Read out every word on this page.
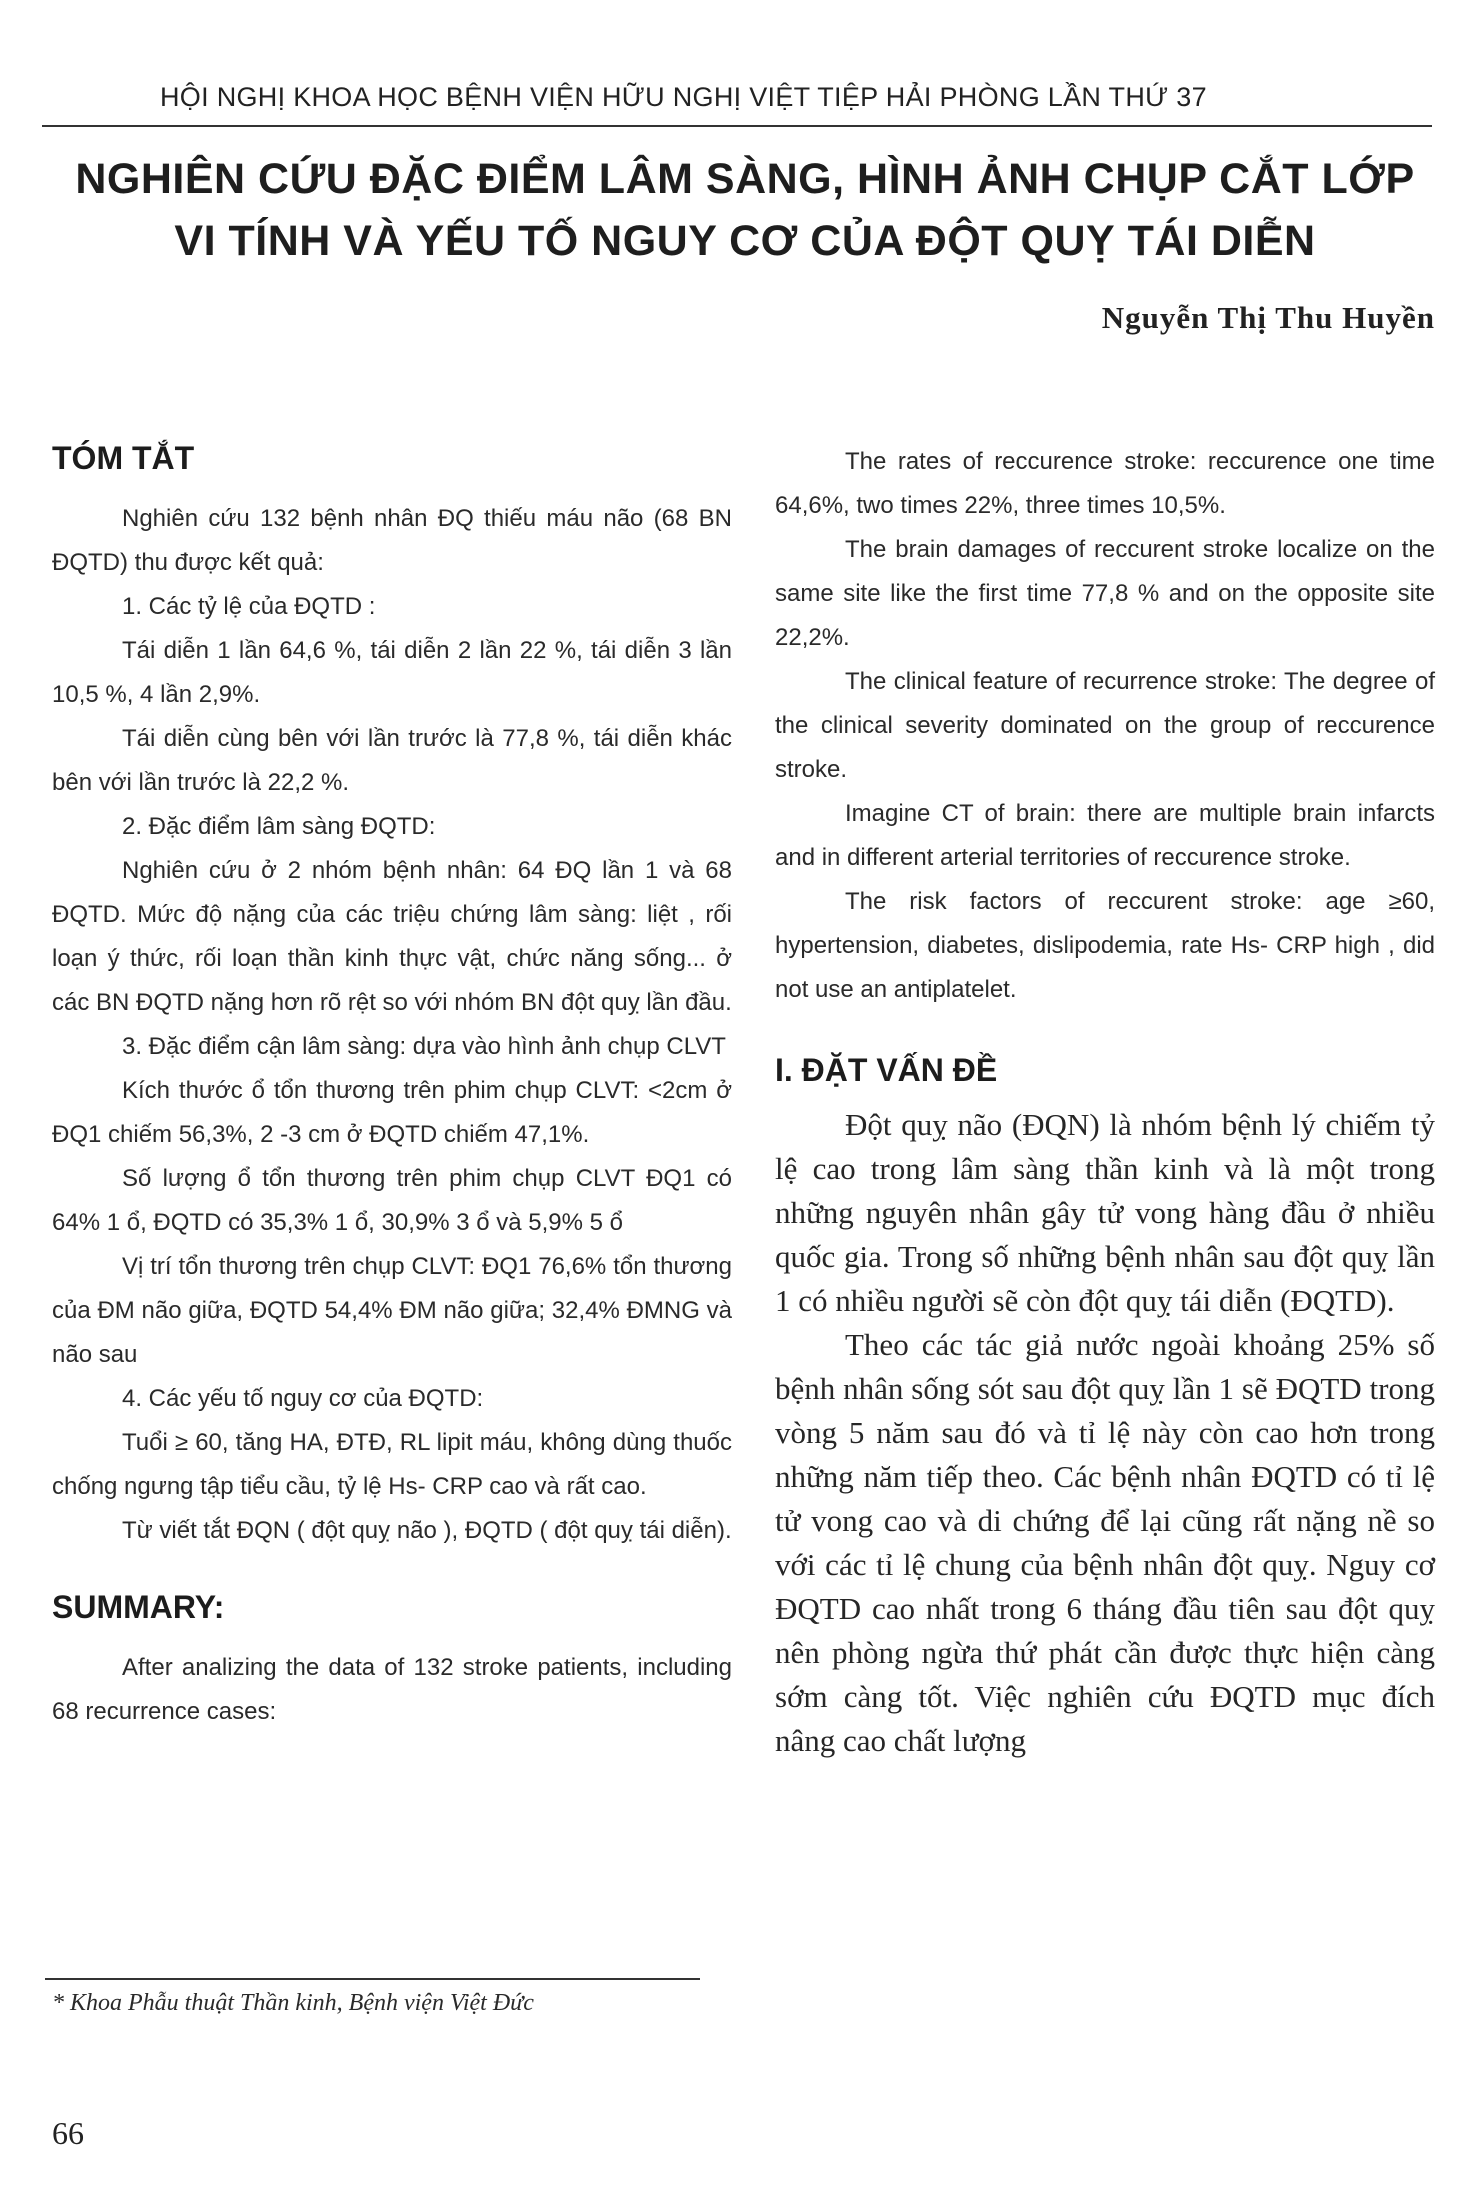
HỘI NGHỊ KHOA HỌC BỆNH VIỆN HỮU NGHỊ VIỆT TIỆP HẢI PHÒNG LẦN THỨ 37
NGHIÊN CỨU ĐẶC ĐIỂM LÂM SÀNG, HÌNH ẢNH CHỤP CẮT LỚP
VI TÍNH VÀ YẾU TỐ NGUY CƠ CỦA ĐỘT QUỴ TÁI DIỄN
Nguyễn Thị Thu Huyền
TÓM TẮT

Nghiên cứu 132 bệnh nhân ĐQ thiếu máu não (68 BN ĐQTD) thu được kết quả:

1. Các tỷ lệ của ĐQTD :

Tái diễn 1 lần 64,6 %, tái diễn 2 lần 22 %, tái diễn 3 lần 10,5 %, 4 lần 2,9%.

Tái diễn cùng bên với lần trước là 77,8 %, tái diễn khác bên với lần trước là 22,2 %.

2. Đặc điểm lâm sàng ĐQTD:

Nghiên cứu ở 2 nhóm bệnh nhân: 64 ĐQ lần 1 và 68 ĐQTD. Mức độ nặng của các triệu chứng lâm sàng: liệt , rối loạn ý thức, rối loạn thần kinh thực vật, chức năng sống... ở các BN ĐQTD nặng hơn rõ rệt so với nhóm BN đột quỵ lần đầu.

3. Đặc điểm cận lâm sàng: dựa vào hình ảnh chụp CLVT

Kích thước ổ tổn thương trên phim chụp CLVT: <2cm ở ĐQ1 chiếm 56,3%, 2 -3 cm ở ĐQTD chiếm 47,1%.

Số lượng ổ tổn thương trên phim chụp CLVT ĐQ1 có 64% 1 ổ, ĐQTD có 35,3% 1 ổ, 30,9% 3 ổ và 5,9% 5 ổ

Vị trí tổn thương trên chụp CLVT: ĐQ1 76,6% tổn thương của ĐM não giữa, ĐQTD 54,4% ĐM não giữa; 32,4% ĐMNG và não sau

4. Các yếu tố nguy cơ của ĐQTD:

Tuổi ≥ 60, tăng HA, ĐTĐ, RL lipit máu, không dùng thuốc chống ngưng tập tiểu cầu, tỷ lệ Hs- CRP cao và rất cao.

Từ viết tắt ĐQN ( đột quỵ não ), ĐQTD ( đột quỵ tái diễn).

SUMMARY:

After analizing the data of 132 stroke patients, including 68 recurrence cases:

The rates of reccurence stroke: reccurence one time 64,6%, two times 22%, three times 10,5%.

The brain damages of reccurent stroke localize on the same site like the first time 77,8 % and on the opposite site 22,2%.

The clinical feature of recurrence stroke: The degree of the clinical severity dominated on the group of reccurence stroke.

Imagine CT of brain: there are multiple brain infarcts and in different arterial territories of reccurence stroke.

The risk factors of reccurent stroke: age ≥60, hypertension, diabetes, dislipodemia, rate Hs- CRP high , did not use an antiplatelet.

I. ĐẶT VẤN ĐỀ

Đột quỵ não (ĐQN) là nhóm bệnh lý chiếm tỷ lệ cao trong lâm sàng thần kinh và là một trong những nguyên nhân gây tử vong hàng đầu ở nhiều quốc gia. Trong số những bệnh nhân sau đột quỵ lần 1 có nhiều người sẽ còn đột quỵ tái diễn (ĐQTD).

Theo các tác giả nước ngoài khoảng 25% số bệnh nhân sống sót sau đột quỵ lần 1 sẽ ĐQTD trong vòng 5 năm sau đó và tỉ lệ này còn cao hơn trong những năm tiếp theo. Các bệnh nhân ĐQTD có tỉ lệ tử vong cao và di chứng để lại cũng rất nặng nề so với các tỉ lệ chung của bệnh nhân đột quỵ. Nguy cơ ĐQTD cao nhất trong 6 tháng đầu tiên sau đột quỵ nên phòng ngừa thứ phát cần được thực hiện càng sớm càng tốt. Việc nghiên cứu ĐQTD mục đích nâng cao chất lượng

* Khoa Phẫu thuật Thần kinh, Bệnh viện Việt Đức
66
